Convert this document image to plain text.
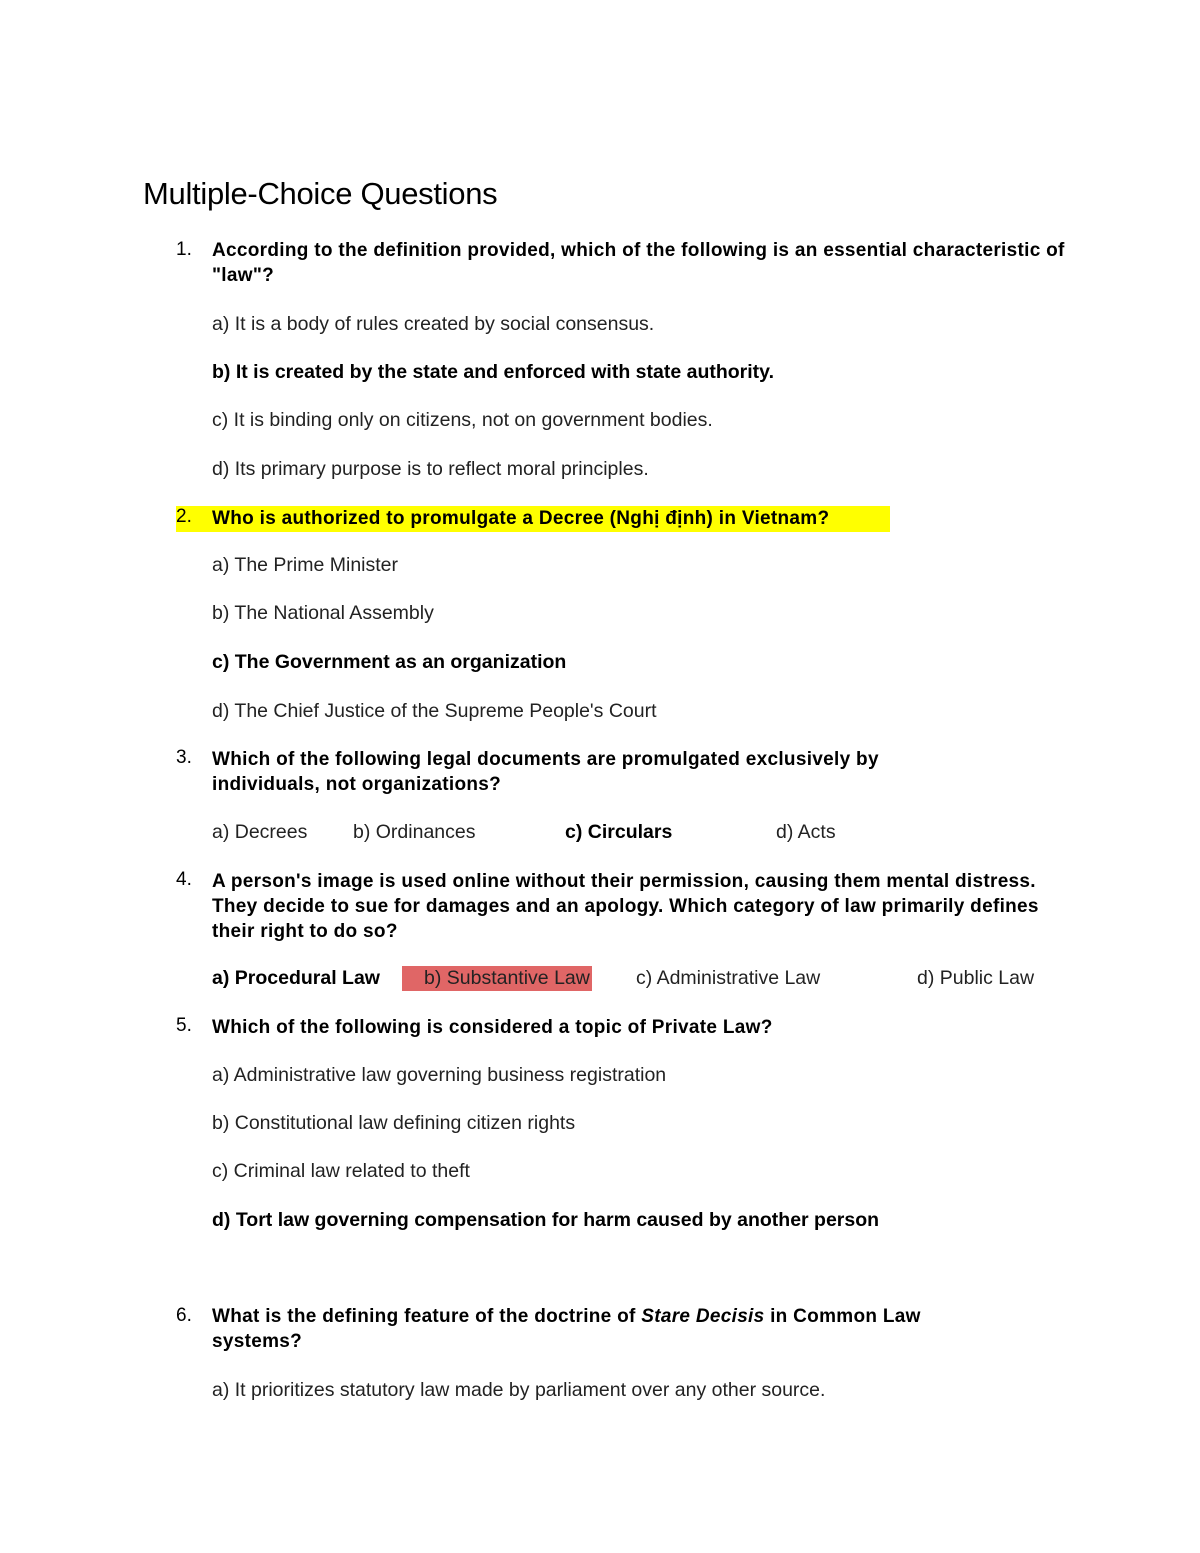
Multiple-Choice Questions
1. According to the definition provided, which of the following is an essential characteristic of "law"?
a) It is a body of rules created by social consensus.
b) It is created by the state and enforced with state authority.
c) It is binding only on citizens, not on government bodies.
d) Its primary purpose is to reflect moral principles.
2. Who is authorized to promulgate a Decree (Nghị định) in Vietnam?
a) The Prime Minister
b) The National Assembly
c) The Government as an organization
d) The Chief Justice of the Supreme People's Court
3. Which of the following legal documents are promulgated exclusively by individuals, not organizations?
a) Decrees b) Ordinances	c) Circulars	d) Acts
4. A person's image is used online without their permission, causing them mental distress. They decide to sue for damages and an apology. Which category of law primarily defines their right to do so?
a) Procedural Law	b) Substantive Law c) Administrative Law	d) Public Law
5. Which of the following is considered a topic of Private Law?
a) Administrative law governing business registration
b) Constitutional law defining citizen rights
c) Criminal law related to theft
d) Tort law governing compensation for harm caused by another person
6. What is the defining feature of the doctrine of Stare Decisis in Common Law systems?
a) It prioritizes statutory law made by parliament over any other source.
